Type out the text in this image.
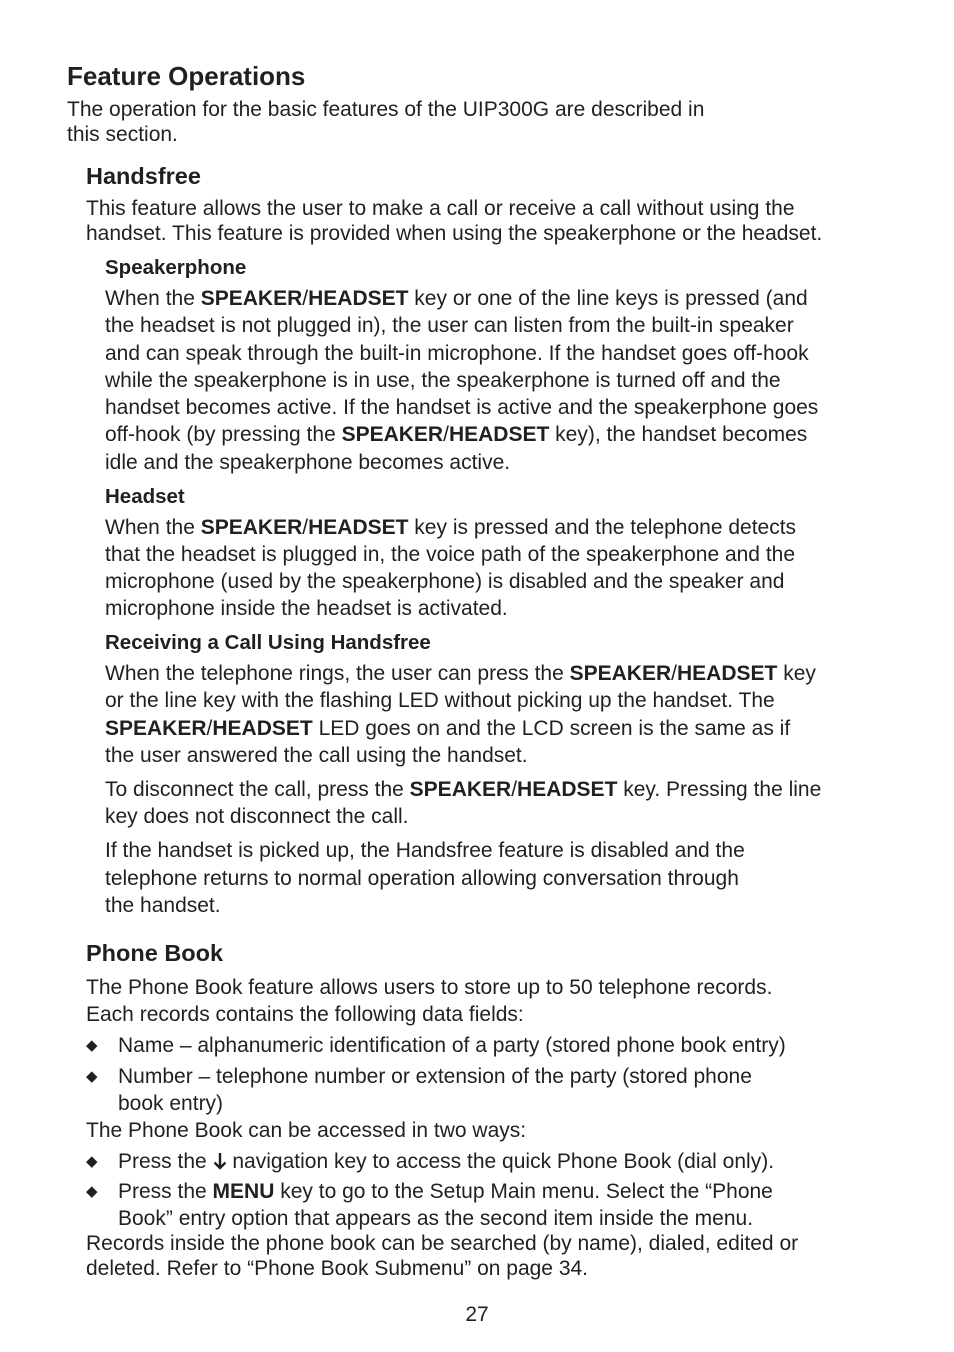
Feature Operations

The operation for the basic features of the UIP300G are described in

this section.

Handsfree

This feature allows the user to make a call or receive a call without using the

handset. This feature is provided when using the speakerphone or the headset.

Speakerphone

When the SPEAKER/HEADSET key or one of the line keys is pressed (and

the headset is not plugged in), the user can listen from the built-in speaker

and can speak through the built-in microphone. If the handset goes off-hook

while the speakerphone is in use, the speakerphone is turned off and the

handset becomes active. If the handset is active and the speakerphone goes

off-hook (by pressing the SPEAKER/HEADSET key), the handset becomes

idle and the speakerphone becomes active.

Headset

When the SPEAKER/HEADSET key is pressed and the telephone detects

that the headset is plugged in, the voice path of the speakerphone and the

microphone (used by the speakerphone) is disabled and the speaker and

microphone inside the headset is activated.

Receiving a Call Using Handsfree

When the telephone rings, the user can press the SPEAKER/HEADSET key

or the line key with the flashing LED without picking up the handset. The

SPEAKER/HEADSET LED goes on and the LCD screen is the same as if

the user answered the call using the handset.

To disconnect the call, press the SPEAKER/HEADSET key. Pressing the line

key does not disconnect the call.

If the handset is picked up, the Handsfree feature is disabled and the

telephone returns to normal operation allowing conversation through

the handset.

Phone Book

The Phone Book feature allows users to store up to 50 telephone records.

Each records contains the following data fields:

◆ Name – alphanumeric identification of a party (stored phone book entry)

◆ Number – telephone number or extension of the party (stored phone

book entry)

The Phone Book can be accessed in two ways:

◆ Press the  navigation key to access the quick Phone Book (dial only).

◆ Press the MENU key to go to the Setup Main menu. Select the “Phone

Book” entry option that appears as the second item inside the menu.

Records inside the phone book can be searched (by name), dialed, edited or

deleted. Refer to “Phone Book Submenu” on page 34.

27
